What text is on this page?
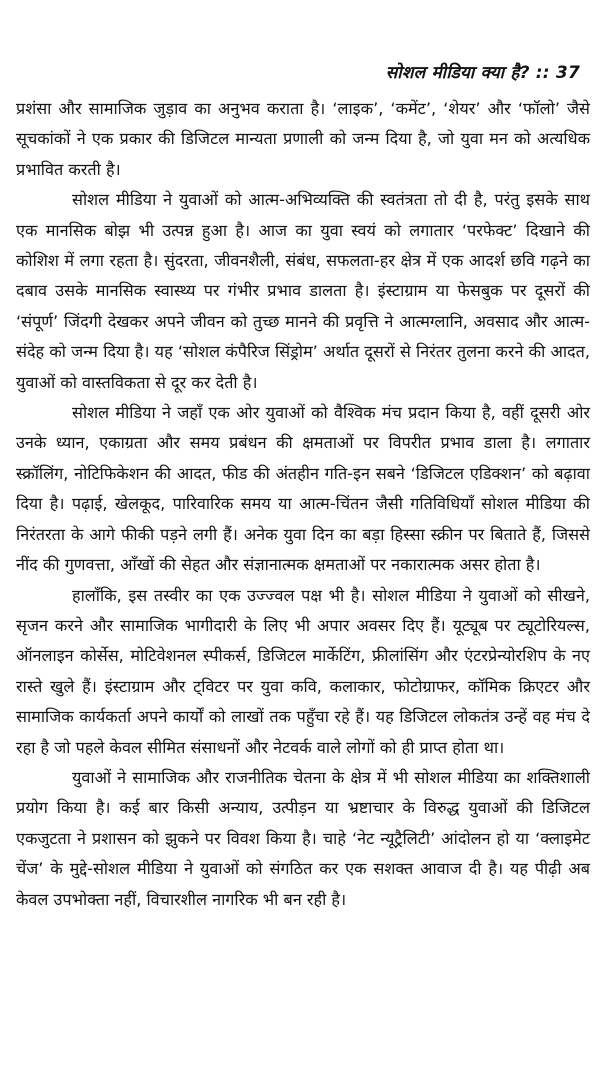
सोशल मीडिया क्या है? :: 37

प्रशंसा और सामाजिक जुड़ाव का अनुभव कराता है। ‘लाइक’, ‘कमेंट’, ‘शेयर’ और ‘फॉलो’ जैसे सूचकांकों ने एक प्रकार की डिजिटल मान्यता प्रणाली को जन्म दिया है, जो युवा मन को अत्यधिक प्रभावित करती है।

सोशल मीडिया ने युवाओं को आत्म-अभिव्यक्ति की स्वतंत्रता तो दी है, परंतु इसके साथ एक मानसिक बोझ भी उत्पन्न हुआ है। आज का युवा स्वयं को लगातार ‘परफेक्ट’ दिखाने की कोशिश में लगा रहता है। सुंदरता, जीवनशैली, संबंध, सफलता-हर क्षेत्र में एक आदर्श छवि गढ़ने का दबाव उसके मानसिक स्वास्थ्य पर गंभीर प्रभाव डालता है। इंस्टाग्राम या फेसबुक पर दूसरों की ‘संपूर्ण’ जिंदगी देखकर अपने जीवन को तुच्छ मानने की प्रवृत्ति ने आत्मग्लानि, अवसाद और आत्म-संदेह को जन्म दिया है। यह ‘सोशल कंपैरिज सिंड्रोम’ अर्थात दूसरों से निरंतर तुलना करने की आदत, युवाओं को वास्तविकता से दूर कर देती है।

सोशल मीडिया ने जहाँ एक ओर युवाओं को वैश्विक मंच प्रदान किया है, वहीं दूसरी ओर उनके ध्यान, एकाग्रता और समय प्रबंधन की क्षमताओं पर विपरीत प्रभाव डाला है। लगातार स्क्रॉलिंग, नोटिफिकेशन की आदत, फीड की अंतहीन गति-इन सबने ‘डिजिटल एडिक्शन’ को बढ़ावा दिया है। पढ़ाई, खेलकूद, पारिवारिक समय या आत्म-चिंतन जैसी गतिविधियाँ सोशल मीडिया की निरंतरता के आगे फीकी पड़ने लगी हैं। अनेक युवा दिन का बड़ा हिस्सा स्क्रीन पर बिताते हैं, जिससे नींद की गुणवत्ता, आँखों की सेहत और संज्ञानात्मक क्षमताओं पर नकारात्मक असर होता है।

हालाँकि, इस तस्वीर का एक उज्ज्वल पक्ष भी है। सोशल मीडिया ने युवाओं को सीखने, सृजन करने और सामाजिक भागीदारी के लिए भी अपार अवसर दिए हैं। यूट्यूब पर ट्यूटोरियल्स, ऑनलाइन कोर्सेस, मोटिवेशनल स्पीकर्स, डिजिटल मार्केटिंग, फ्रीलांसिंग और एंटरप्रेन्योरशिप के नए रास्ते खुले हैं। इंस्टाग्राम और ट्विटर पर युवा कवि, कलाकार, फोटोग्राफर, कॉमिक क्रिएटर और सामाजिक कार्यकर्ता अपने कार्यों को लाखों तक पहुँचा रहे हैं। यह डिजिटल लोकतंत्र उन्हें वह मंच दे रहा है जो पहले केवल सीमित संसाधनों और नेटवर्क वाले लोगों को ही प्राप्त होता था।

युवाओं ने सामाजिक और राजनीतिक चेतना के क्षेत्र में भी सोशल मीडिया का शक्तिशाली प्रयोग किया है। कई बार किसी अन्याय, उत्पीड़न या भ्रष्टाचार के विरुद्ध युवाओं की डिजिटल एकजुटता ने प्रशासन को झुकने पर विवश किया है। चाहे ‘नेट न्यूट्रैलिटी’ आंदोलन हो या ‘क्लाइमेट चेंज’ के मुद्दे-सोशल मीडिया ने युवाओं को संगठित कर एक सशक्त आवाज दी है। यह पीढ़ी अब केवल उपभोक्ता नहीं, विचारशील नागरिक भी बन रही है।
